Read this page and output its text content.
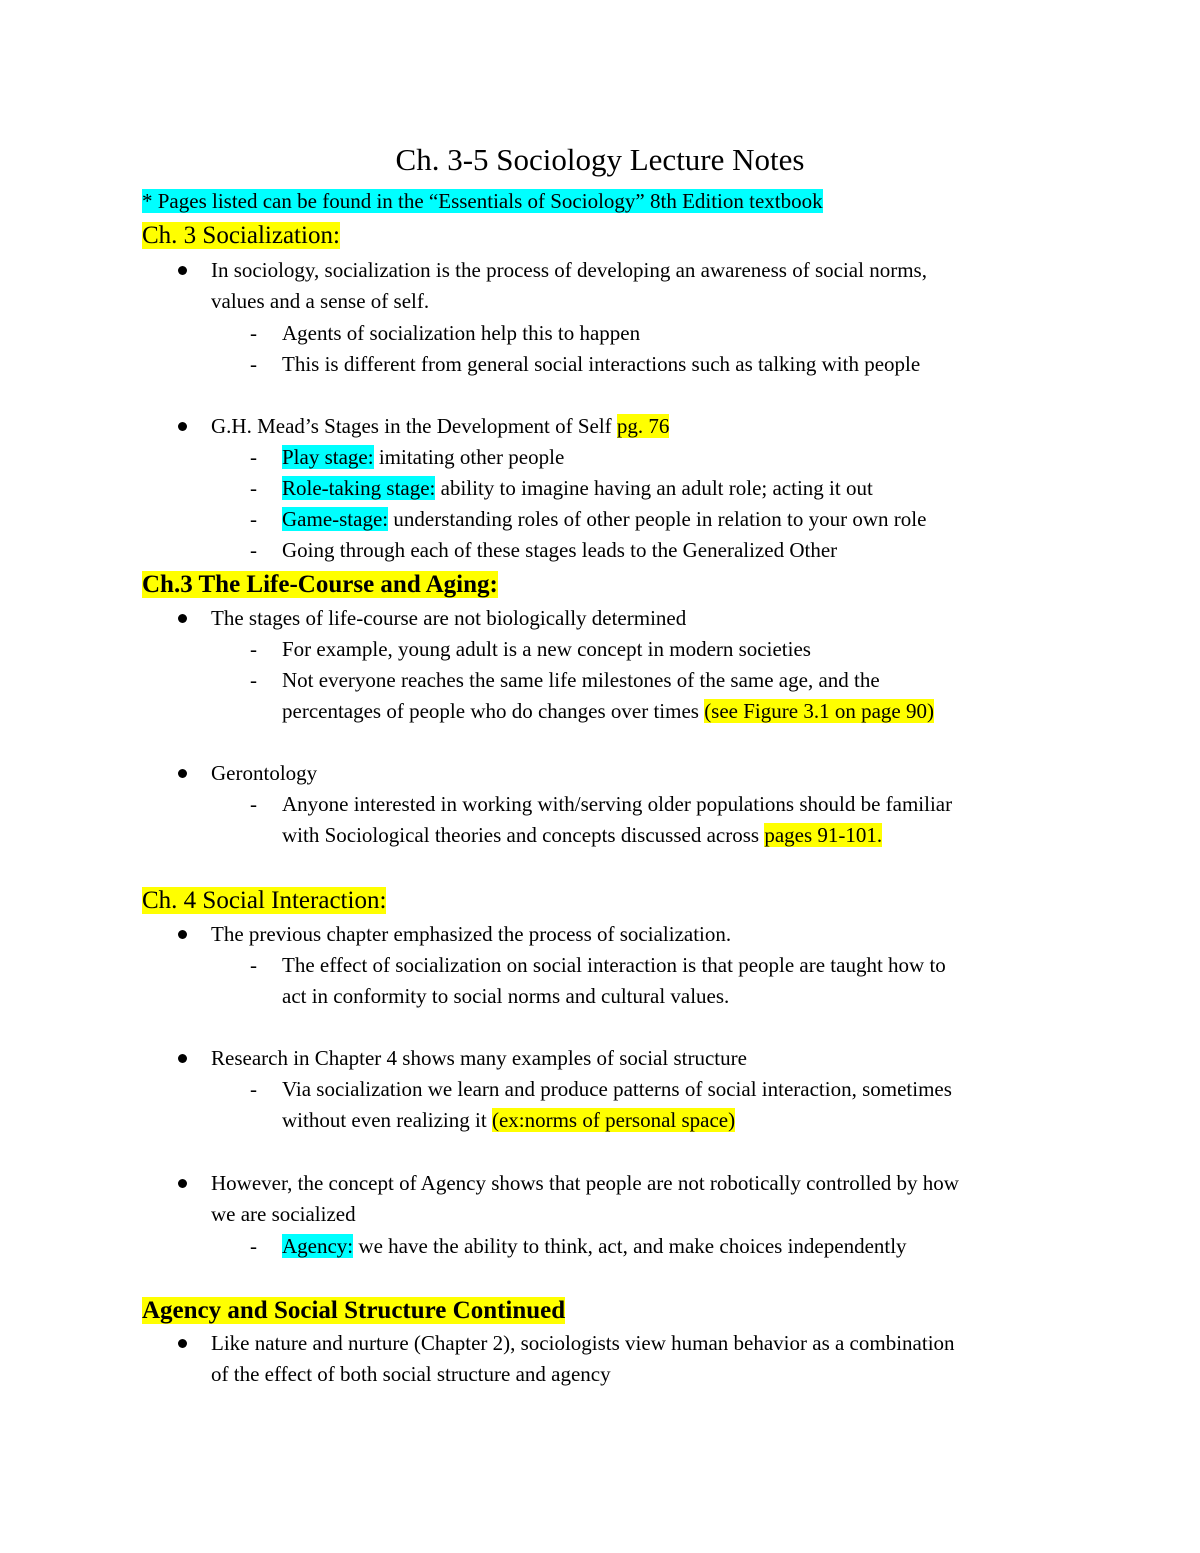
Ch. 3-5 Sociology Lecture Notes
* Pages listed can be found in the “Essentials of Sociology” 8th Edition textbook
Ch. 3 Socialization:
In sociology, socialization is the process of developing an awareness of social norms,
values and a sense of self.
- Agents of socialization help this to happen
- This is different from general social interactions such as talking with people
G.H. Mead’s Stages in the Development of Self pg. 76
- Play stage: imitating other people
- Role-taking stage: ability to imagine having an adult role; acting it out
- Game-stage: understanding roles of other people in relation to your own role
- Going through each of these stages leads to the Generalized Other
Ch.3 The Life-Course and Aging:
The stages of life-course are not biologically determined
- For example, young adult is a new concept in modern societies
- Not everyone reaches the same life milestones of the same age, and the
percentages of people who do changes over times (see Figure 3.1 on page 90)
Gerontology
- Anyone interested in working with/serving older populations should be familiar
with Sociological theories and concepts discussed across pages 91-101.
Ch. 4 Social Interaction:
The previous chapter emphasized the process of socialization.
- The effect of socialization on social interaction is that people are taught how to
act in conformity to social norms and cultural values.
Research in Chapter 4 shows many examples of social structure
- Via socialization we learn and produce patterns of social interaction, sometimes
without even realizing it (ex:norms of personal space)
However, the concept of Agency shows that people are not robotically controlled by how
we are socialized
- Agency: we have the ability to think, act, and make choices independently
Agency and Social Structure Continued
Like nature and nurture (Chapter 2), sociologists view human behavior as a combination
of the effect of both social structure and agency
